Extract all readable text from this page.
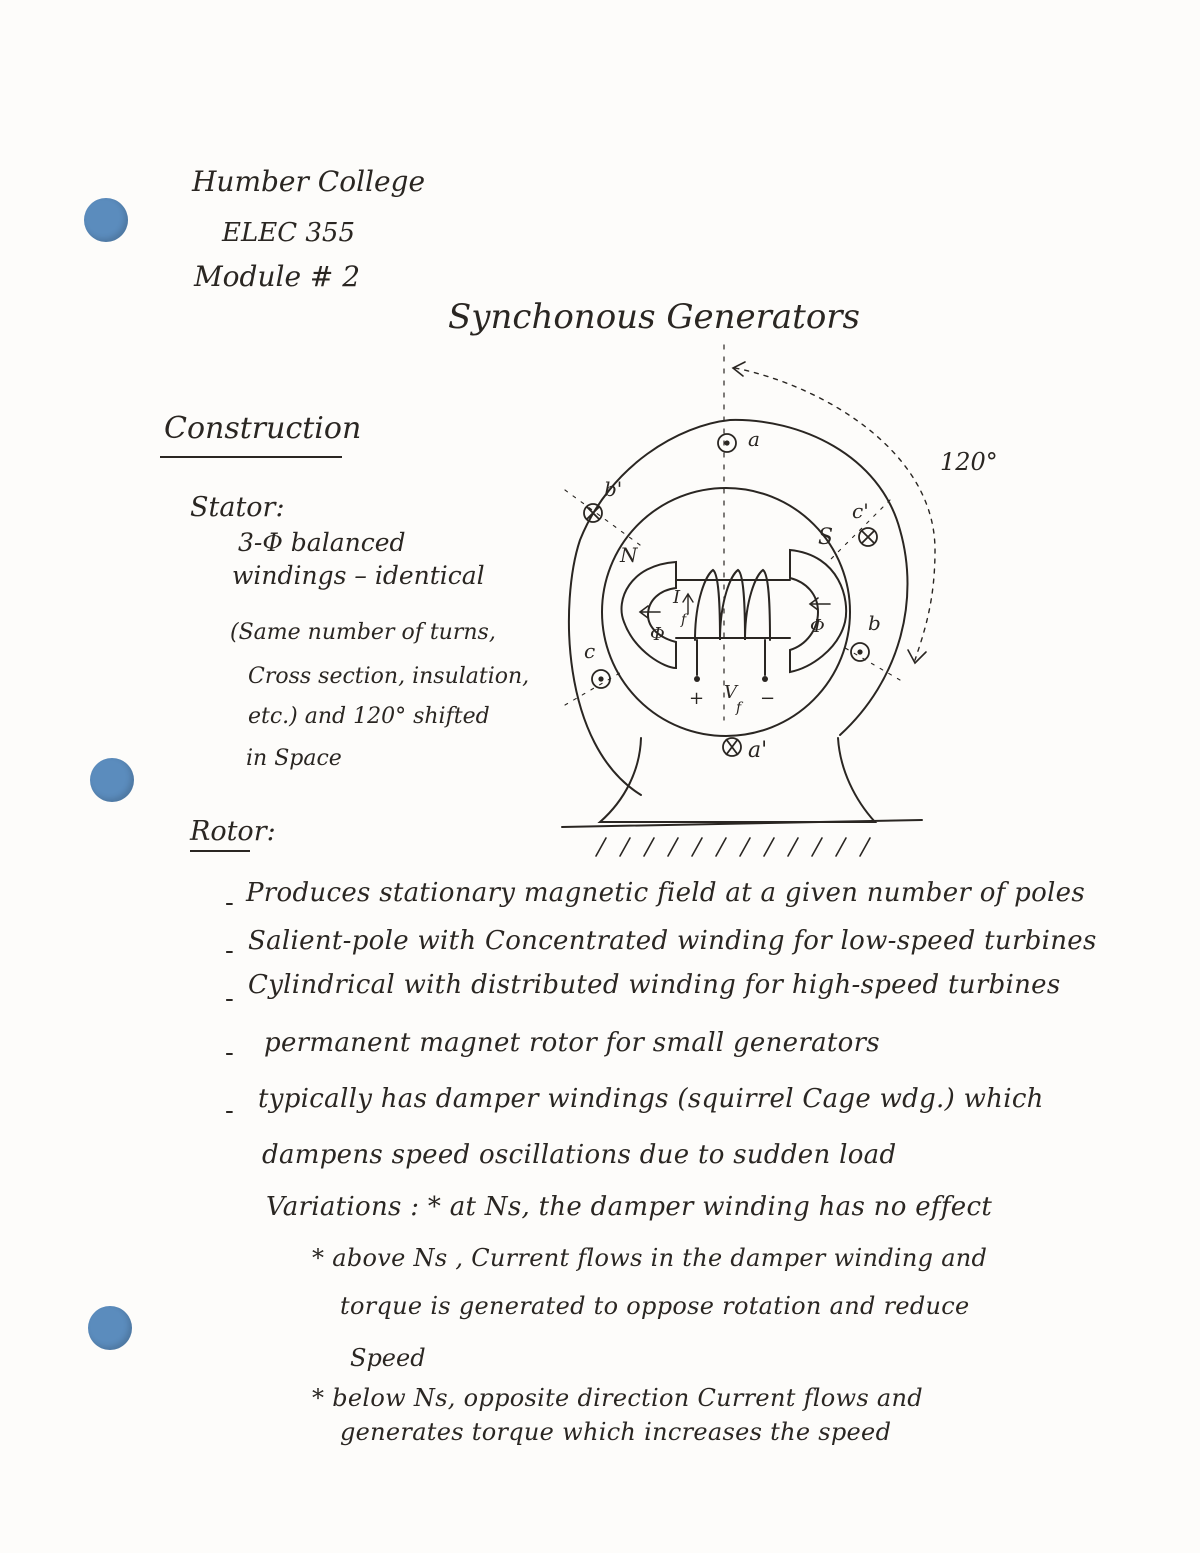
Humber College

ELEC 355

Module # 2

Synchonous Generators

Construction

Stator:

3-Φ balanced

windings – identical

(Same number of turns,

Cross section, insulation,

etc.) and 120° shifted

in Space

120°
a
a'
b
b'
c
c'
N
S
I
f
V
f
+	−
Φ	Φ

Rotor:

- Produces stationary magnetic field at a given number of poles

- Salient-pole with Concentrated winding for low-speed turbines

- Cylindrical with distributed winding for high-speed turbines

- permanent magnet rotor for small generators

- typically has damper windings (squirrel Cage wdg.) which

dampens speed oscillations due to sudden load

Variations : * at Ns, the damper winding has no effect

* above Ns , Current flows in the damper winding and

torque is generated to oppose rotation and reduce

Speed

* below Ns, opposite direction Current flows and

generates torque which increases the speed
